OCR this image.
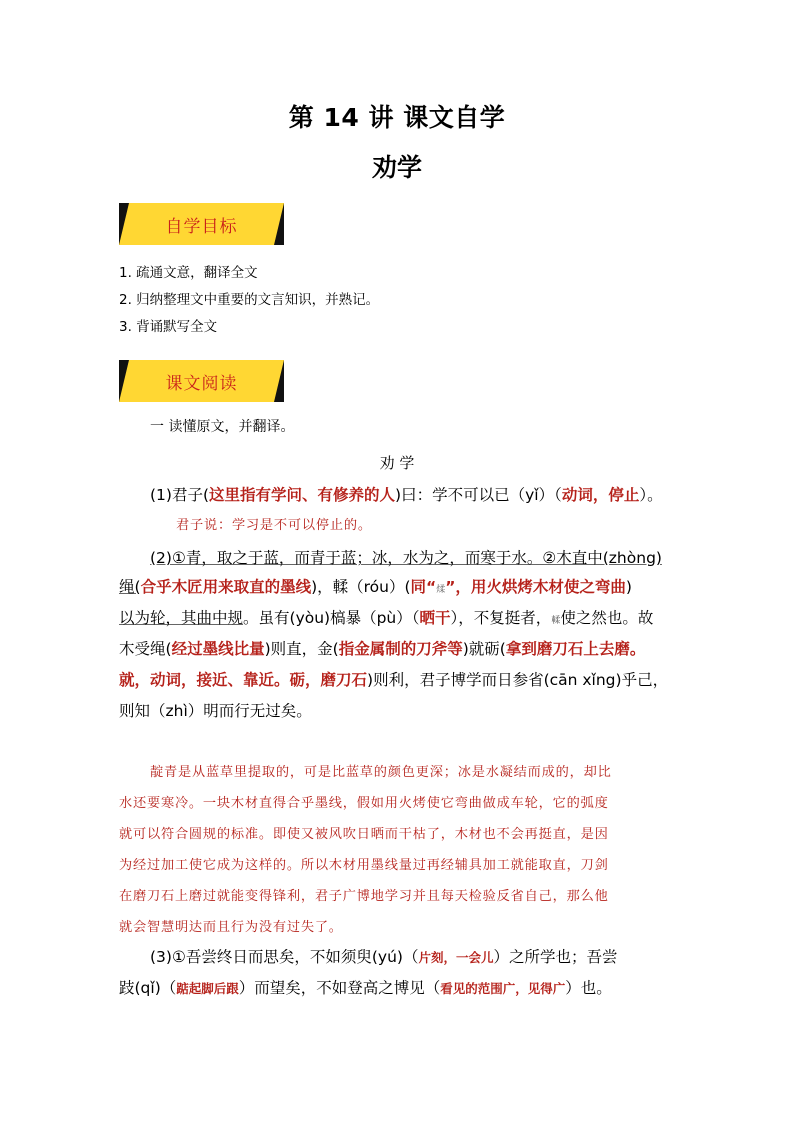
第 14 讲 课文自学
劝学
自学目标
1. 疏通文意，翻译全文
2. 归纳整理文中重要的文言知识，并熟记。
3. 背诵默写全文
课文阅读
一 读懂原文，并翻译。
劝 学
(1)君子(这里指有学问、有修养的人)曰：学不可以已（yǐ）（动词，停止）。
君子说：学习是不可以停止的。
(2)①青，取之于蓝，而青于蓝；冰，水为之，而寒于水。②木直中(zhòng)
绳(合乎木匠用来取直的墨线)，輮（róu）(同“煣”，用火烘烤木材使之弯曲)
以为轮，其曲中规。虽有(yòu)槁暴（pù）（晒干），不复挺者，輮使之然也。故
木受绳(经过墨线比量)则直，金(指金属制的刀斧等)就砺(拿到磨刀石上去磨。
就，动词，接近、靠近。砺，磨刀石)则利，君子博学而日参省(cān xǐng)乎己，
则知（zhì）明而行无过矣。
靛青是从蓝草里提取的，可是比蓝草的颜色更深；冰是水凝结而成的，却比
水还要寒冷。一块木材直得合乎墨线，假如用火烤使它弯曲做成车轮，它的弧度
就可以符合圆规的标准。即使又被风吹日晒而干枯了，木材也不会再挺直，是因
为经过加工使它成为这样的。所以木材用墨线量过再经辅具加工就能取直，刀剑
在磨刀石上磨过就能变得锋利，君子广博地学习并且每天检验反省自己，那么他
就会智慧明达而且行为没有过失了。
(3)①吾尝终日而思矣，不如须臾(yú)（片刻，一会儿）之所学也；吾尝
跂(qǐ)（踮起脚后跟）而望矣，不如登高之博见（看见的范围广，见得广）也。
